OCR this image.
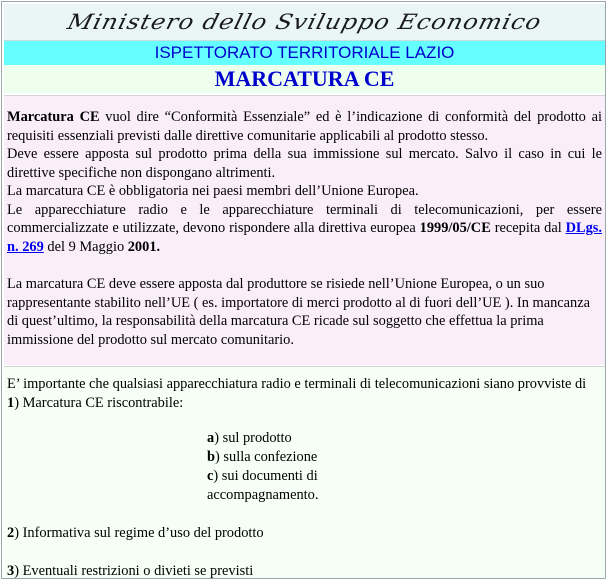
Ministero dello Sviluppo Economico
ISPETTORATO TERRITORIALE LAZIO
MARCATURA CE

Marcatura CE vuol dire “Conformità Essenziale” ed è l’indicazione di conformità del prodotto ai requisiti essenziali previsti dalle direttive comunitarie applicabili al prodotto stesso.

Deve essere apposta sul prodotto prima della sua immissione sul mercato. Salvo il caso in cui le direttive specifiche non dispongano altrimenti.

La marcatura CE è obbligatoria nei paesi membri dell’Unione Europea.

Le apparecchiature radio e le apparecchiature terminali di telecomunicazioni, per essere commercializzate e utilizzate, devono rispondere alla direttiva europea 1999/05/CE recepita dal DLgs. n. 269 del 9 Maggio 2001.

La marcatura CE deve essere apposta dal produttore se risiede nell’Unione Europea, o un suo rappresentante stabilito nell’UE ( es. importatore di merci prodotto al di fuori dell’UE ). In mancanza di quest’ultimo, la responsabilità della marcatura CE ricade sul soggetto che effettua la prima immissione del prodotto sul mercato comunitario.

E’ importante che qualsiasi apparecchiatura radio e terminali di telecomunicazioni siano provviste di

1) Marcatura CE riscontrabile:

a) sul prodotto

b) sulla confezione

c) sui documenti di

accompagnamento.

2) Informativa sul regime d’uso del prodotto

3) Eventuali restrizioni o divieti se previsti
